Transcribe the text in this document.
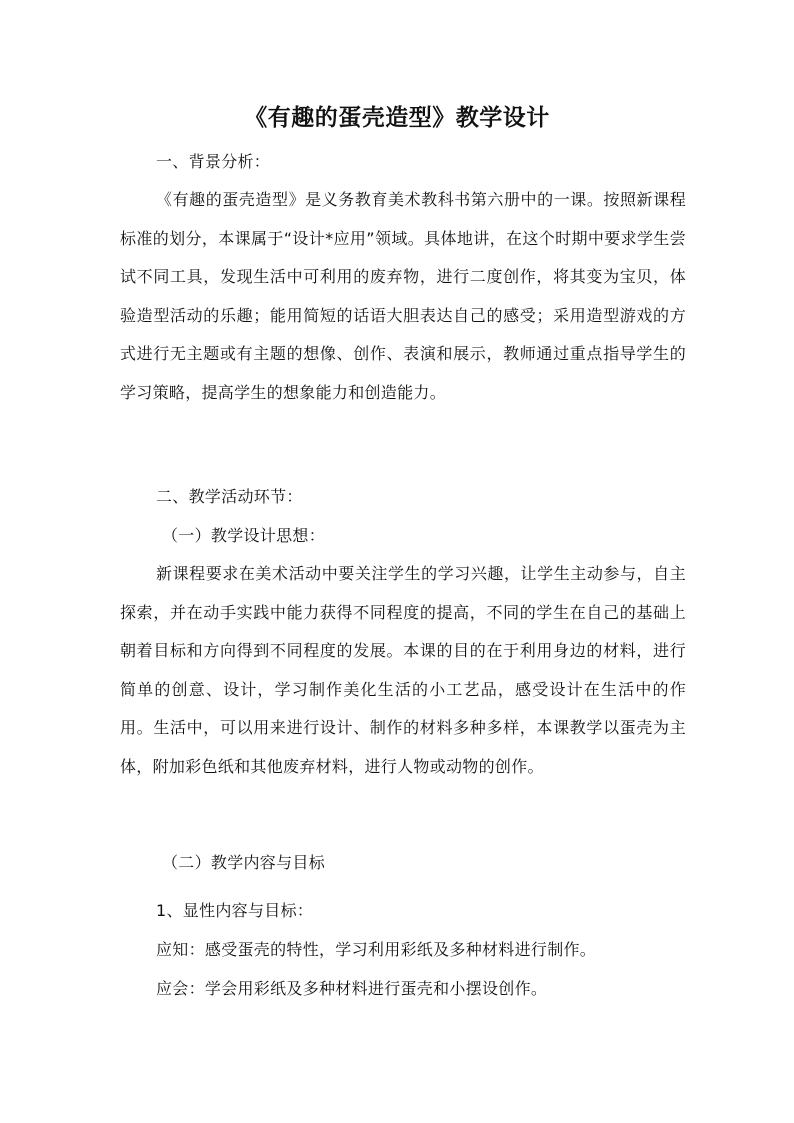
《有趣的蛋壳造型》教学设计
一、背景分析：
《有趣的蛋壳造型》是义务教育美术教科书第六册中的一课。按照新课程标准的划分，本课属于“设计*应用”领域。具体地讲，在这个时期中要求学生尝试不同工具，发现生活中可利用的废弃物，进行二度创作，将其变为宝贝，体验造型活动的乐趣；能用简短的话语大胆表达自己的感受；采用造型游戏的方式进行无主题或有主题的想像、创作、表演和展示，教师通过重点指导学生的学习策略，提高学生的想象能力和创造能力。
二、教学活动环节：
（一）教学设计思想：
新课程要求在美术活动中要关注学生的学习兴趣，让学生主动参与，自主探索，并在动手实践中能力获得不同程度的提高，不同的学生在自己的基础上朝着目标和方向得到不同程度的发展。本课的目的在于利用身边的材料，进行简单的创意、设计，学习制作美化生活的小工艺品，感受设计在生活中的作用。生活中，可以用来进行设计、制作的材料多种多样，本课教学以蛋壳为主体，附加彩色纸和其他废弃材料，进行人物或动物的创作。
（二）教学内容与目标
1、显性内容与目标：
应知：感受蛋壳的特性，学习利用彩纸及多种材料进行制作。
应会：学会用彩纸及多种材料进行蛋壳和小摆设创作。
